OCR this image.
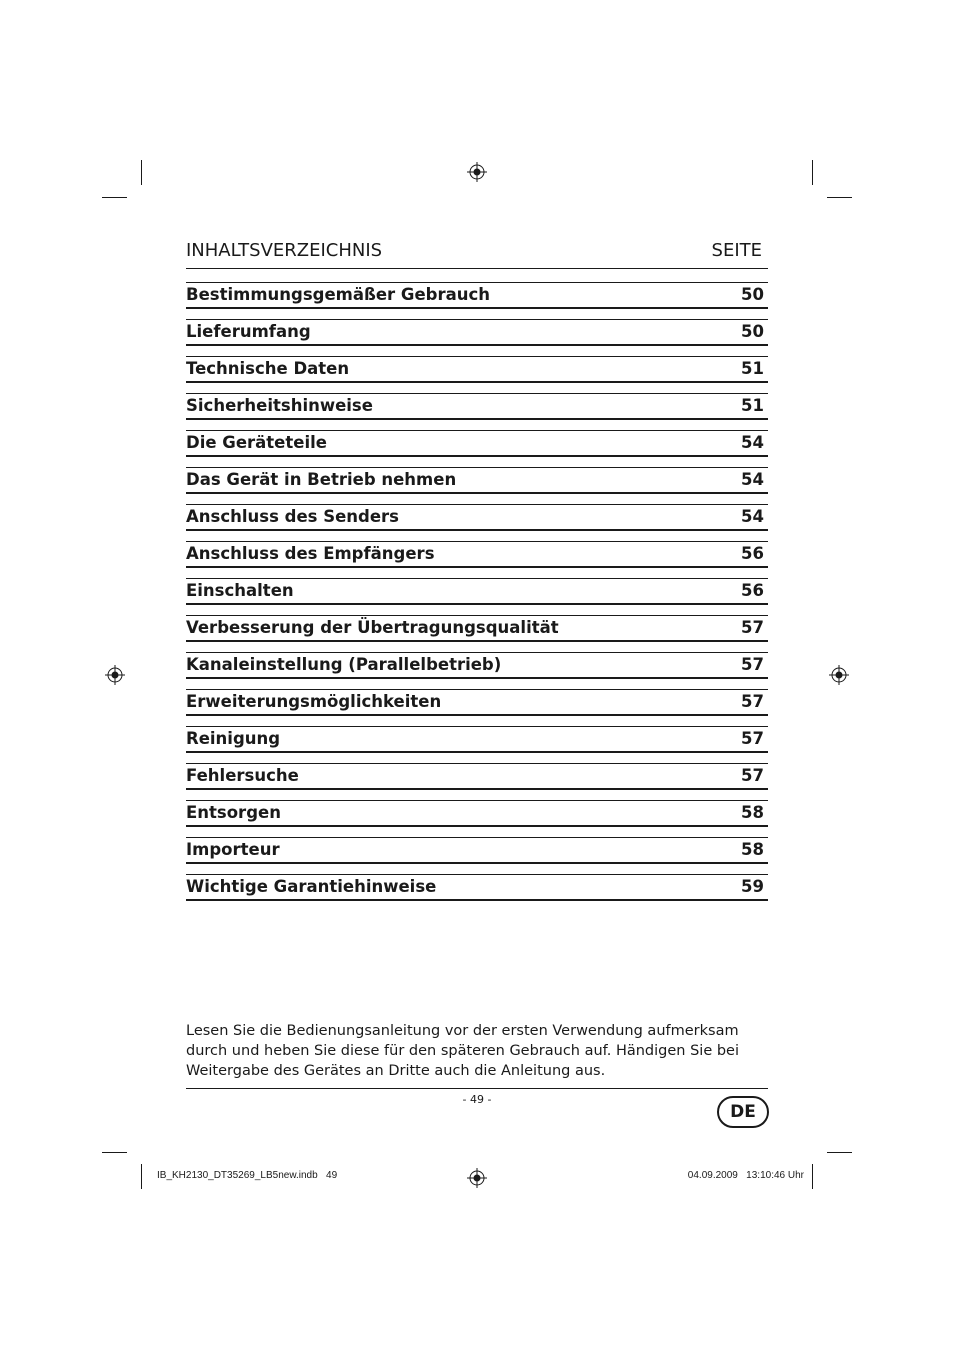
INHALTSVERZEICHNIS	SEITE
Bestimmungsgemäßer Gebrauch	50
Lieferumfang	50
Technische Daten	51
Sicherheitshinweise	51
Die Geräteteile	54
Das Gerät in Betrieb nehmen	54
Anschluss des Senders	54
Anschluss des Empfängers	56
Einschalten	56
Verbesserung der Übertragungsqualität	57
Kanaleinstellung (Parallelbetrieb)	57
Erweiterungsmöglichkeiten	57
Reinigung	57
Fehlersuche	57
Entsorgen	58
Importeur	58
Wichtige Garantiehinweise	59

Lesen Sie die Bedienungsanleitung vor der ersten Verwendung aufmerksam durch und heben Sie diese für den späteren Gebrauch auf. Händigen Sie bei Weitergabe des Gerätes an Dritte auch die Anleitung aus.

- 49 -
DE
IB_KH2130_DT35269_LB5new.indb   49	04.09.2009   13:10:46 Uhr
